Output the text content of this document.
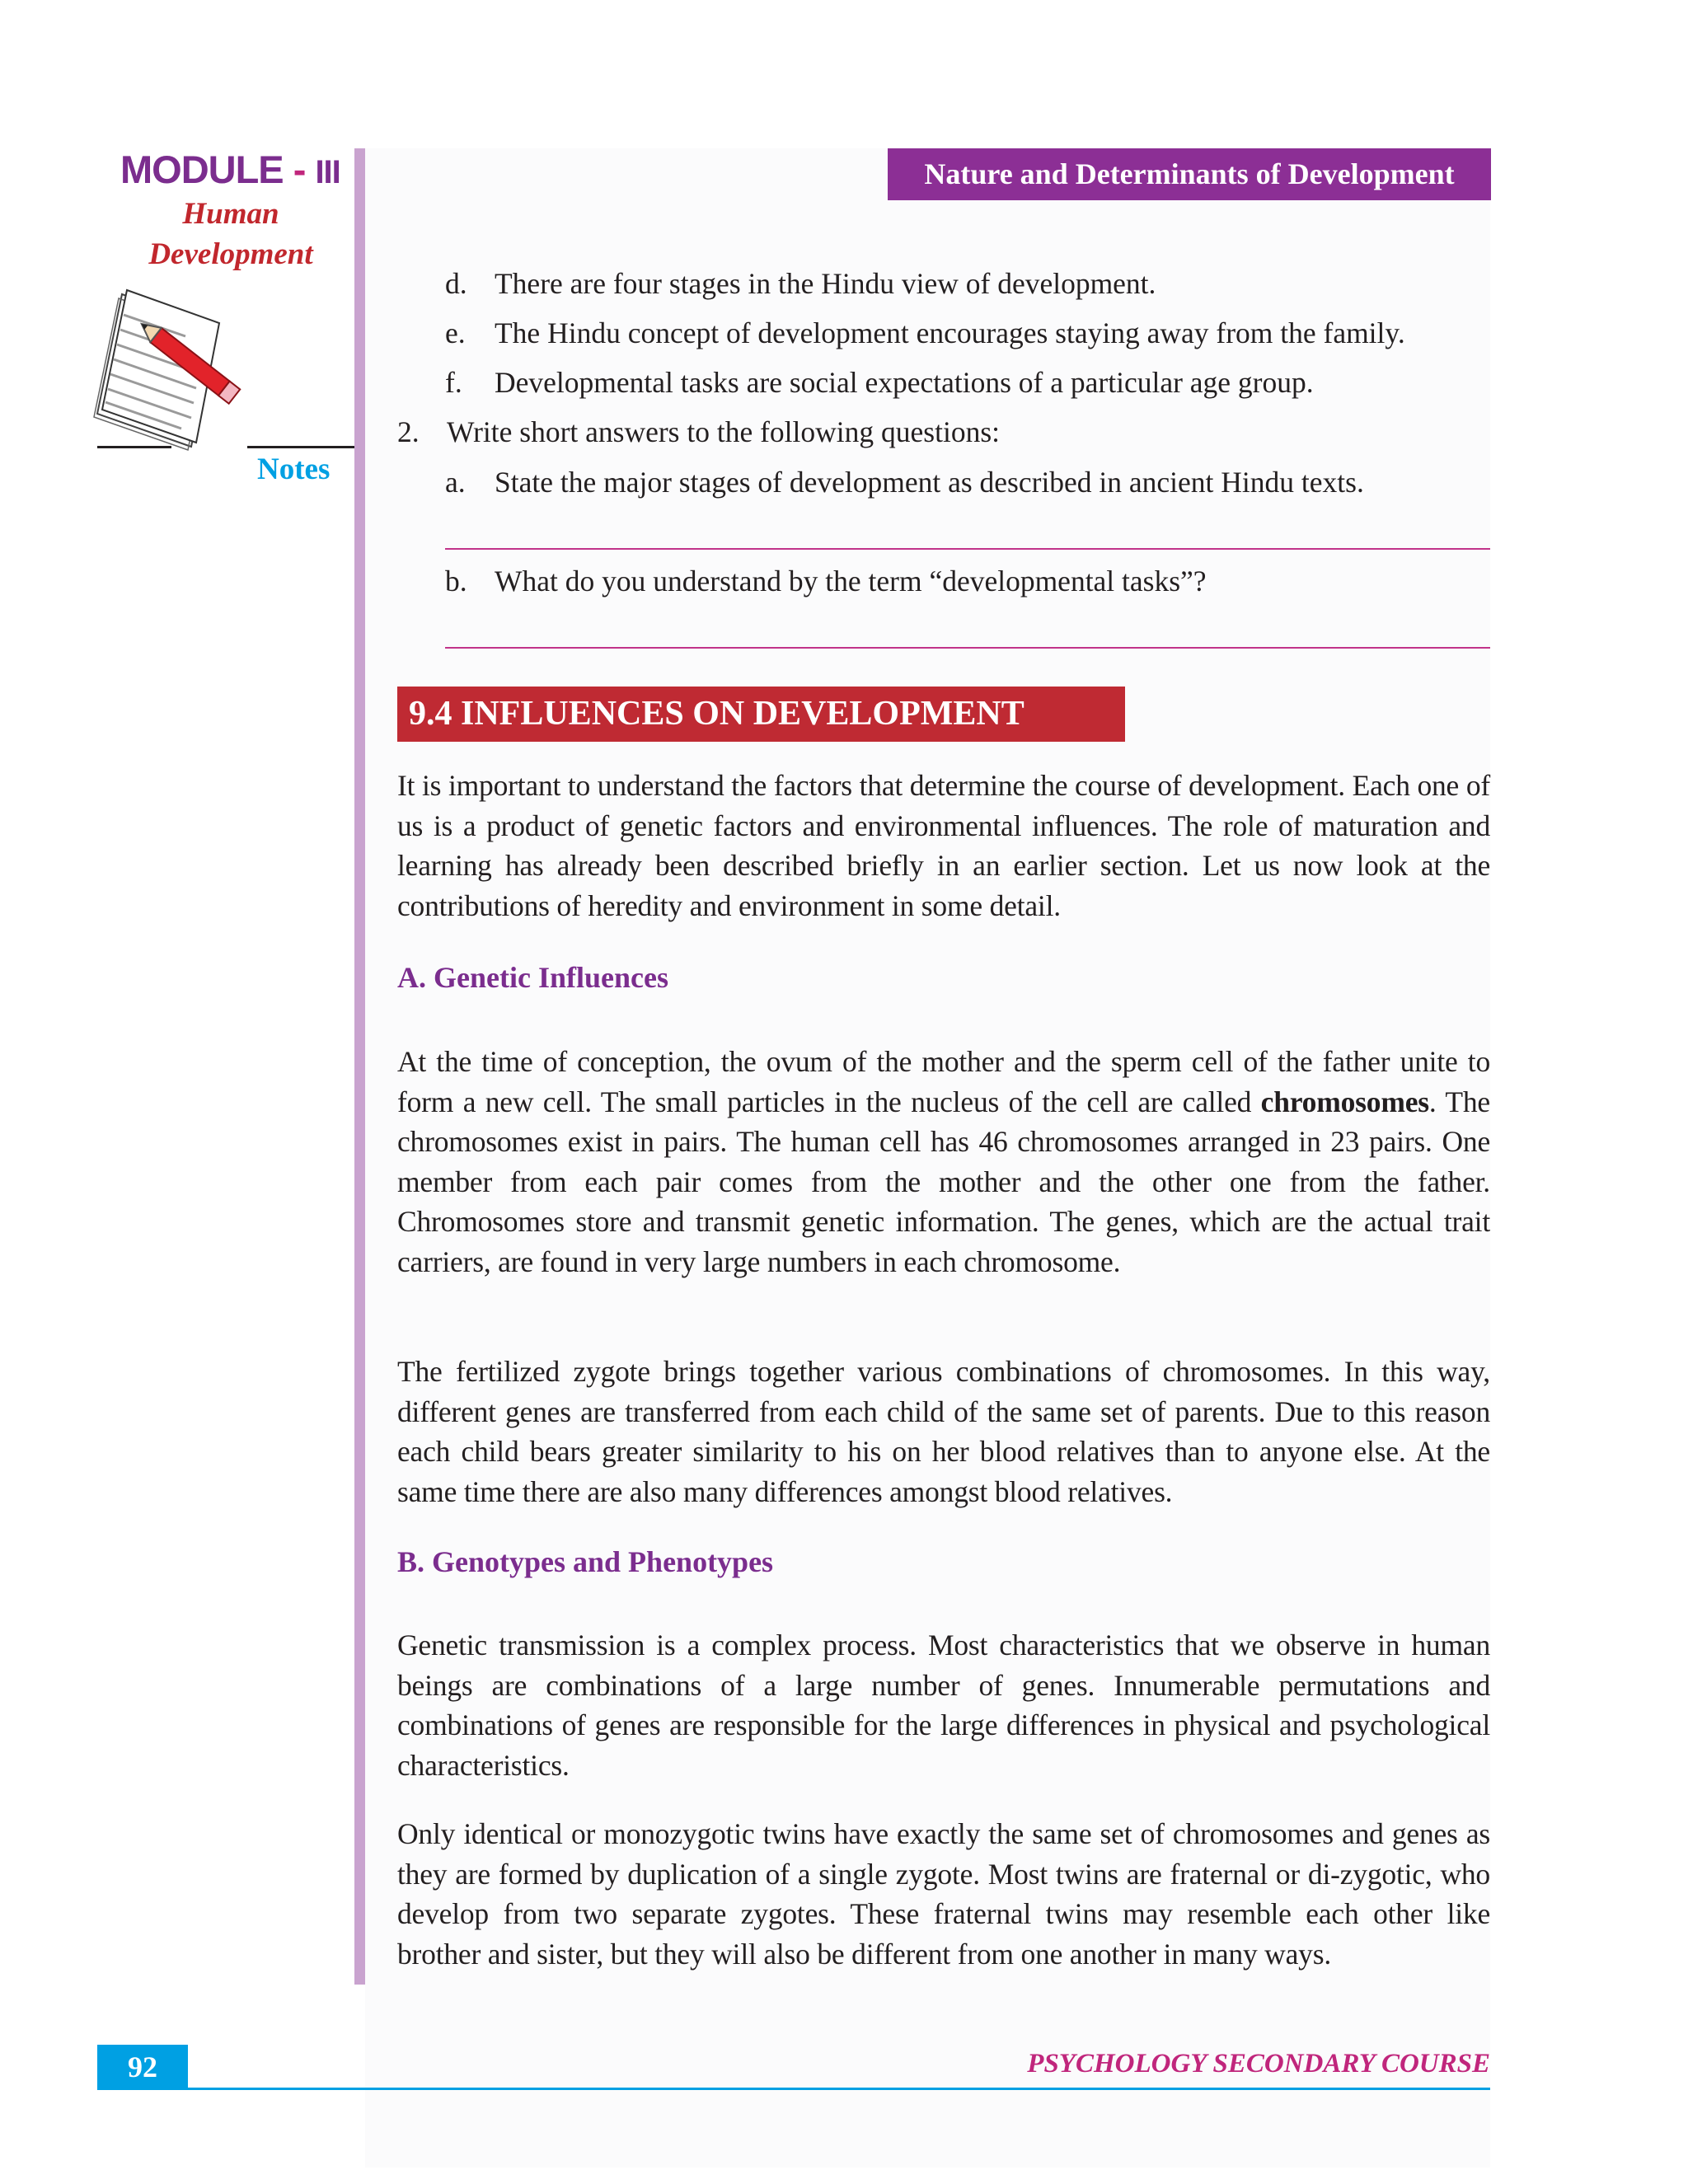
MODULE - III
Human
Development
Notes
Nature and Determinants of Development
d. There are four stages in the Hindu view of development.
e. The Hindu concept of development encourages staying away from the family.
f. Developmental tasks are social expectations of a particular age group.
2. Write short answers to the following questions:
a. State the major stages of development as described in ancient Hindu texts.
b. What do you understand by the term “developmental tasks”?
9.4 INFLUENCES ON DEVELOPMENT
It is important to understand the factors that determine the course of development. Each one of us is a product of genetic factors and environmental influences. The role of maturation and learning has already been described briefly in an earlier section. Let us now look at the contributions of heredity and environment in some detail.
A. Genetic Influences
At the time of conception, the ovum of the mother and the sperm cell of the father unite to form a new cell. The small particles in the nucleus of the cell are called chromosomes. The chromosomes exist in pairs. The human cell has 46 chromosomes arranged in 23 pairs. One member from each pair comes from the mother and the other one from the father. Chromosomes store and transmit genetic information. The genes, which are the actual trait carriers, are found in very large numbers in each chromosome.
The fertilized zygote brings together various combinations of chromosomes. In this way, different genes are transferred from each child of the same set of parents. Due to this reason each child bears greater similarity to his on her blood relatives than to anyone else. At the same time there are also many differences amongst blood relatives.
B. Genotypes and Phenotypes
Genetic transmission is a complex process. Most characteristics that we observe in human beings are combinations of a large number of genes. Innumerable permutations and combinations of genes are responsible for the large differences in physical and psychological characteristics.
Only identical or monozygotic twins have exactly the same set of chromosomes and genes as they are formed by duplication of a single zygote. Most twins are fraternal or di-zygotic, who develop from two separate zygotes. These fraternal twins may resemble each other like brother and sister, but they will also be different from one another in many ways.
92	PSYCHOLOGY SECONDARY COURSE
